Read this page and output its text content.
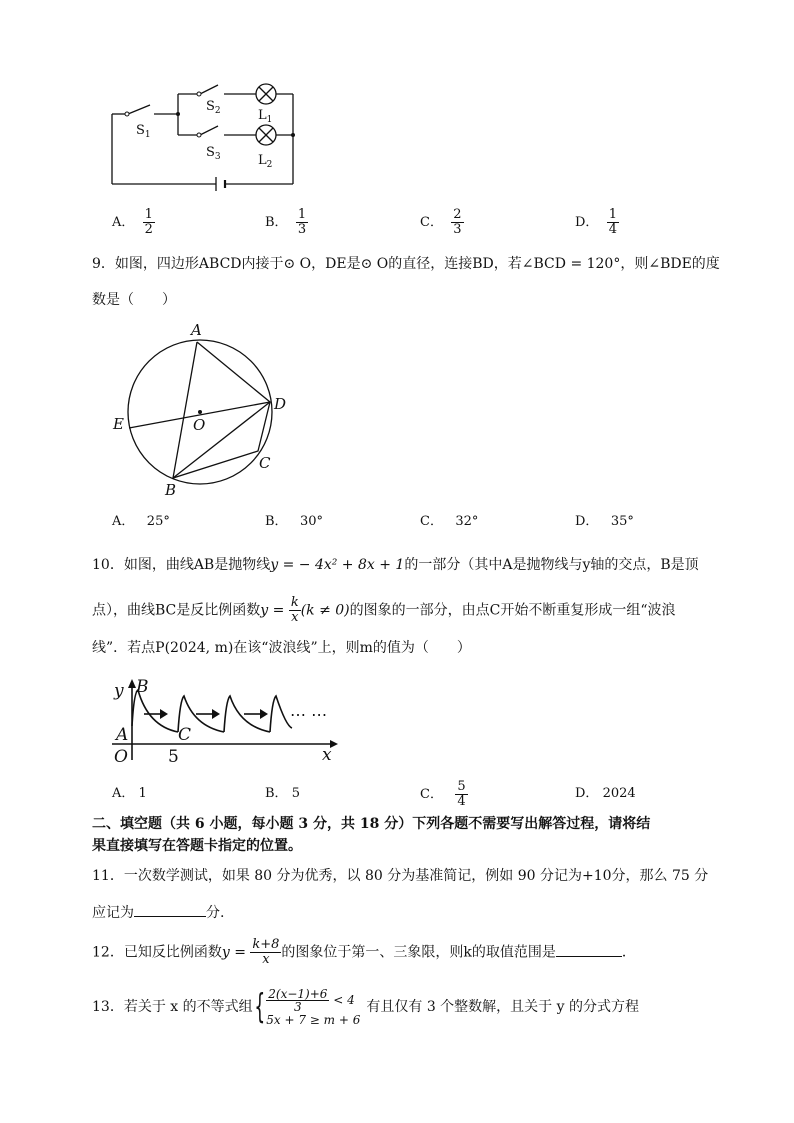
$S_1$
$S_2$
$S_3$
$L_1$
$L_2$
A． $\frac{1}{2}$	B． $\frac{1}{3}$	C． $\frac{2}{3}$	D． $\frac{1}{4}$
9．如图，四边形ABCD内接于⊙ O，DE是⊙ O的直径，连接BD，若∠BCD = 120°，则∠BDE的度
数是（　　）
A
D
C
B
E	O
A． 25°	B． 30°	C． 32°	D． 35°
10．如图，曲线AB是抛物线y = − 4x² + 8x + 1的一部分（其中A是抛物线与y轴的交点，B是顶
点），曲线BC是反比例函数$y = \frac{k}{x} (k \ne 0)$的图象的一部分，由点C开始不断重复形成一组“波浪
线”．若点P(2024, m)在该“波浪线”上，则m的值为（　　）
y B
A	C
O	x
5
⋯ ⋯
A． 1	B． 5	C． $\frac{5}{4}$	D． 2024
二、填空题（共 6 小题，每小题 3 分，共 18 分）下列各题不需要写出解答过程，请将结
果直接填写在答题卡指定的位置。
11．一次数学测试，如果 80 分为优秀，以 80 分为基准简记，例如 90 分记为+10分，那么 75 分
应记为	分.
12．已知反比例函数$y = \frac{k+8}{x}$ 的图象位于第一、三象限，则k的取值范围是	．
13．若关于 x 的不等式组 { $\frac{2(x-1)+6}{3} < 4$
5x + 7 ≥ m + 6
有且仅有 3 个整数解，且关于 y 的分式方程
